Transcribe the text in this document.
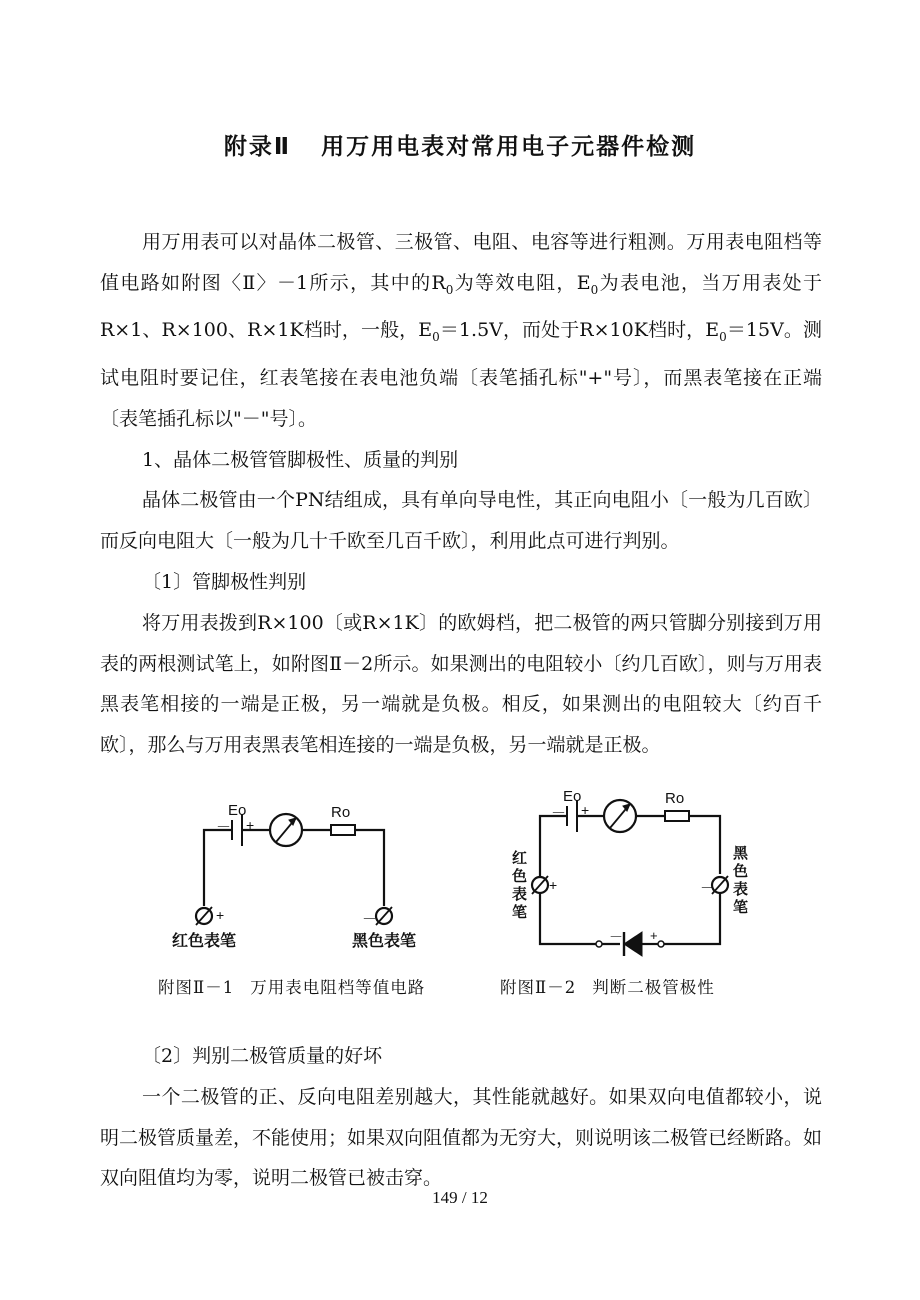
附录Ⅱ 用万用电表对常用电子元器件检测

用万用表可以对晶体二极管、三极管、电阻、电容等进行粗测。万用表电阻档等值电路如附图〈Ⅱ〉－1所示，其中的$R_0$为等效电阻，$E_0$为表电池，当万用表处于R×1、R×100、R×1K档时，一般，$E_0=1.5V$，而处于R×10K档时，$E_0=15V$。测试电阻时要记住，红表笔接在表电池负端〔表笔插孔标"+"号〕，而黑表笔接在正端〔表笔插孔标以"－"号〕。

1、晶体二极管管脚极性、质量的判别

晶体二极管由一个PN结组成，具有单向导电性，其正向电阻小〔一般为几百欧〕而反向电阻大〔一般为几十千欧至几百千欧〕，利用此点可进行判别。

〔1〕管脚极性判别

将万用表拨到R×100〔或R×1K〕的欧姆档，把二极管的两只管脚分别接到万用表的两根测试笔上，如附图Ⅱ－2所示。如果测出的电阻较小〔约几百欧〕，则与万用表黑表笔相接的一端是正极，另一端就是负极。相反，如果测出的电阻较大〔约百千欧〕，那么与万用表黑表笔相连接的一端是负极，另一端就是正极。

Eo
－ +
Ro
+	－
红色表笔	黑色表笔
Eo
－ +
Ro
+	－
－ +
红
色
表
笔
黑
色
表
笔
附图Ⅱ－1 万用表电阻档等值电路	附图Ⅱ－2 判断二极管极性

〔2〕判别二极管质量的好坏

一个二极管的正、反向电阻差别越大，其性能就越好。如果双向电值都较小，说明二极管质量差，不能使用；如果双向阻值都为无穷大，则说明该二极管已经断路。如双向阻值均为零，说明二极管已被击穿。

149 / 12
